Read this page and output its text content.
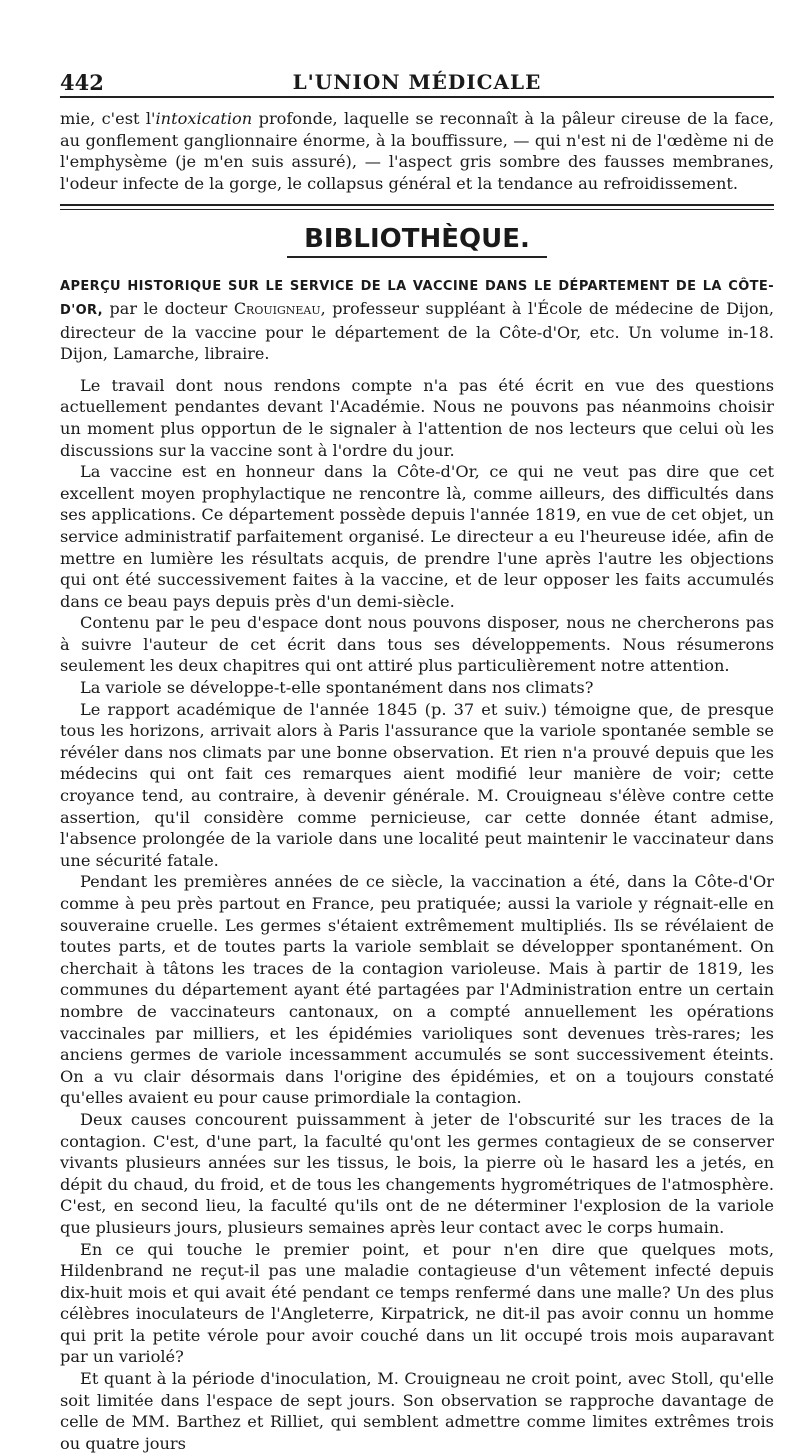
442	L'UNION MÉDICALE

mie, c'est l'intoxication profonde, laquelle se reconnaît à la pâleur cireuse de la face, au gonflement ganglionnaire énorme, à la bouffissure, — qui n'est ni de l'œdème ni de l'emphysème (je m'en suis assuré), — l'aspect gris sombre des fausses membranes, l'odeur infecte de la gorge, le collapsus général et la tendance au refroidissement.

BIBLIOTHÈQUE.

APERÇU HISTORIQUE SUR LE SERVICE DE LA VACCINE DANS LE DÉPARTEMENT DE LA CÔTE-D'OR, par le docteur Crouigneau, professeur suppléant à l'École de médecine de Dijon, directeur de la vaccine pour le département de la Côte-d'Or, etc. Un volume in-18. Dijon, Lamarche, libraire.

Le travail dont nous rendons compte n'a pas été écrit en vue des questions actuellement pendantes devant l'Académie. Nous ne pouvons pas néanmoins choisir un moment plus opportun de le signaler à l'attention de nos lecteurs que celui où les discussions sur la vaccine sont à l'ordre du jour.

La vaccine est en honneur dans la Côte-d'Or, ce qui ne veut pas dire que cet excellent moyen prophylactique ne rencontre là, comme ailleurs, des difficultés dans ses applications. Ce département possède depuis l'année 1819, en vue de cet objet, un service administratif parfaitement organisé. Le directeur a eu l'heureuse idée, afin de mettre en lumière les résultats acquis, de prendre l'une après l'autre les objections qui ont été successivement faites à la vaccine, et de leur opposer les faits accumulés dans ce beau pays depuis près d'un demi-siècle.

Contenu par le peu d'espace dont nous pouvons disposer, nous ne chercherons pas à suivre l'auteur de cet écrit dans tous ses développements. Nous résumerons seulement les deux chapitres qui ont attiré plus particulièrement notre attention.

La variole se développe-t-elle spontanément dans nos climats?

Le rapport académique de l'année 1845 (p. 37 et suiv.) témoigne que, de presque tous les horizons, arrivait alors à Paris l'assurance que la variole spontanée semble se révéler dans nos climats par une bonne observation. Et rien n'a prouvé depuis que les médecins qui ont fait ces remarques aient modifié leur manière de voir; cette croyance tend, au contraire, à devenir générale. M. Crouigneau s'élève contre cette assertion, qu'il considère comme pernicieuse, car cette donnée étant admise, l'absence prolongée de la variole dans une localité peut maintenir le vaccinateur dans une sécurité fatale.

Pendant les premières années de ce siècle, la vaccination a été, dans la Côte-d'Or comme à peu près partout en France, peu pratiquée; aussi la variole y régnait-elle en souveraine cruelle. Les germes s'étaient extrêmement multipliés. Ils se révélaient de toutes parts, et de toutes parts la variole semblait se développer spontanément. On cherchait à tâtons les traces de la contagion varioleuse. Mais à partir de 1819, les communes du département ayant été partagées par l'Administration entre un certain nombre de vaccinateurs cantonaux, on a compté annuellement les opérations vaccinales par milliers, et les épidémies varioliques sont devenues très-rares; les anciens germes de variole incessamment accumulés se sont successivement éteints. On a vu clair désormais dans l'origine des épidémies, et on a toujours constaté qu'elles avaient eu pour cause primordiale la contagion.

Deux causes concourent puissamment à jeter de l'obscurité sur les traces de la contagion. C'est, d'une part, la faculté qu'ont les germes contagieux de se conserver vivants plusieurs années sur les tissus, le bois, la pierre où le hasard les a jetés, en dépit du chaud, du froid, et de tous les changements hygrométriques de l'atmosphère. C'est, en second lieu, la faculté qu'ils ont de ne déterminer l'explosion de la variole que plusieurs jours, plusieurs semaines après leur contact avec le corps humain.

En ce qui touche le premier point, et pour n'en dire que quelques mots, Hildenbrand ne reçut-il pas une maladie contagieuse d'un vêtement infecté depuis dix-huit mois et qui avait été pendant ce temps renfermé dans une malle? Un des plus célèbres inoculateurs de l'Angleterre, Kirpatrick, ne dit-il pas avoir connu un homme qui prit la petite vérole pour avoir couché dans un lit occupé trois mois auparavant par un variolé?

Et quant à la période d'inoculation, M. Crouigneau ne croit point, avec Stoll, qu'elle soit limitée dans l'espace de sept jours. Son observation se rapproche davantage de celle de MM. Barthez et Rilliet, qui semblent admettre comme limites extrêmes trois ou quatre jours
